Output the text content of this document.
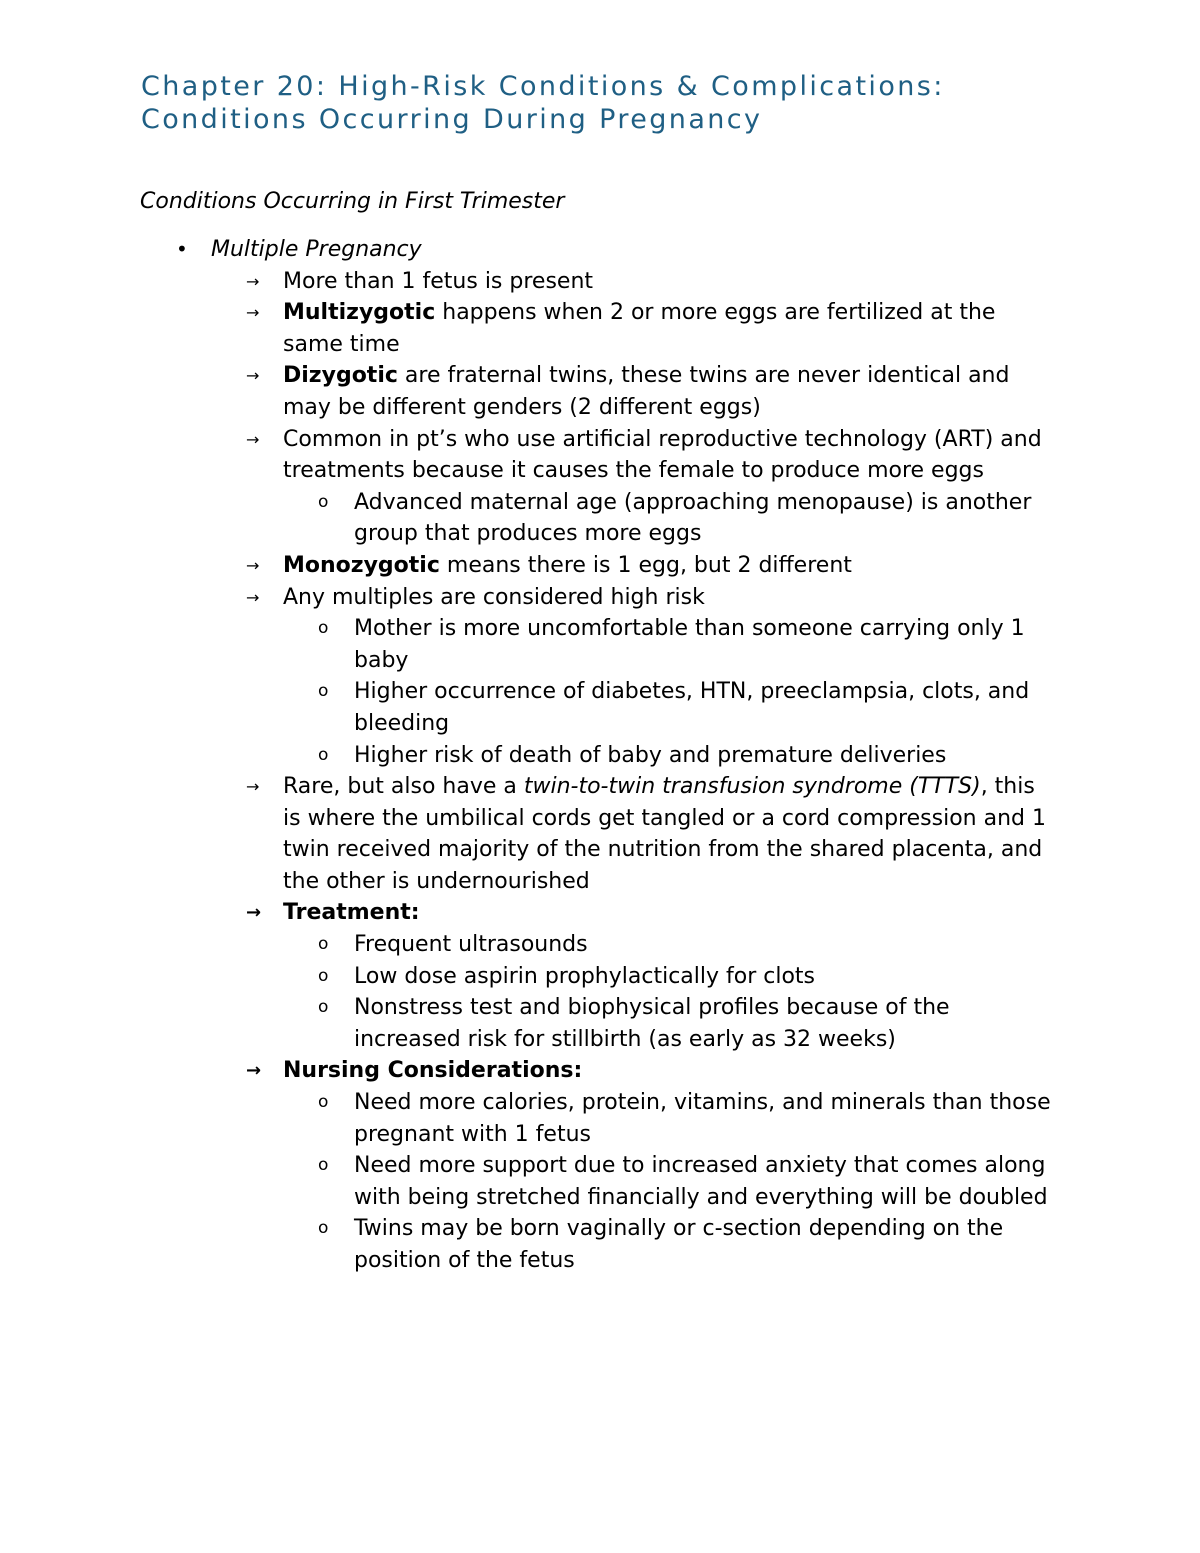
Chapter 20: High-Risk Conditions & Complications:
Conditions Occurring During Pregnancy
Conditions Occurring in First Trimester
• Multiple Pregnancy
→ More than 1 fetus is present
→ Multizygotic happens when 2 or more eggs are fertilized at the same time
→ Dizygotic are fraternal twins, these twins are never identical and may be different genders (2 different eggs)
→ Common in pt’s who use artificial reproductive technology (ART) and treatments because it causes the female to produce more eggs
o Advanced maternal age (approaching menopause) is another group that produces more eggs
→ Monozygotic means there is 1 egg, but 2 different
→ Any multiples are considered high risk
o Mother is more uncomfortable than someone carrying only 1 baby
o Higher occurrence of diabetes, HTN, preeclampsia, clots, and bleeding
o Higher risk of death of baby and premature deliveries
→ Rare, but also have a twin-to-twin transfusion syndrome (TTTS), this is where the umbilical cords get tangled or a cord compression and 1 twin received majority of the nutrition from the shared placenta, and the other is undernourished
→ Treatment:
o Frequent ultrasounds
o Low dose aspirin prophylactically for clots
o Nonstress test and biophysical profiles because of the increased risk for stillbirth (as early as 32 weeks)
→ Nursing Considerations:
o Need more calories, protein, vitamins, and minerals than those pregnant with 1 fetus
o Need more support due to increased anxiety that comes along with being stretched financially and everything will be doubled
o Twins may be born vaginally or c-section depending on the position of the fetus
